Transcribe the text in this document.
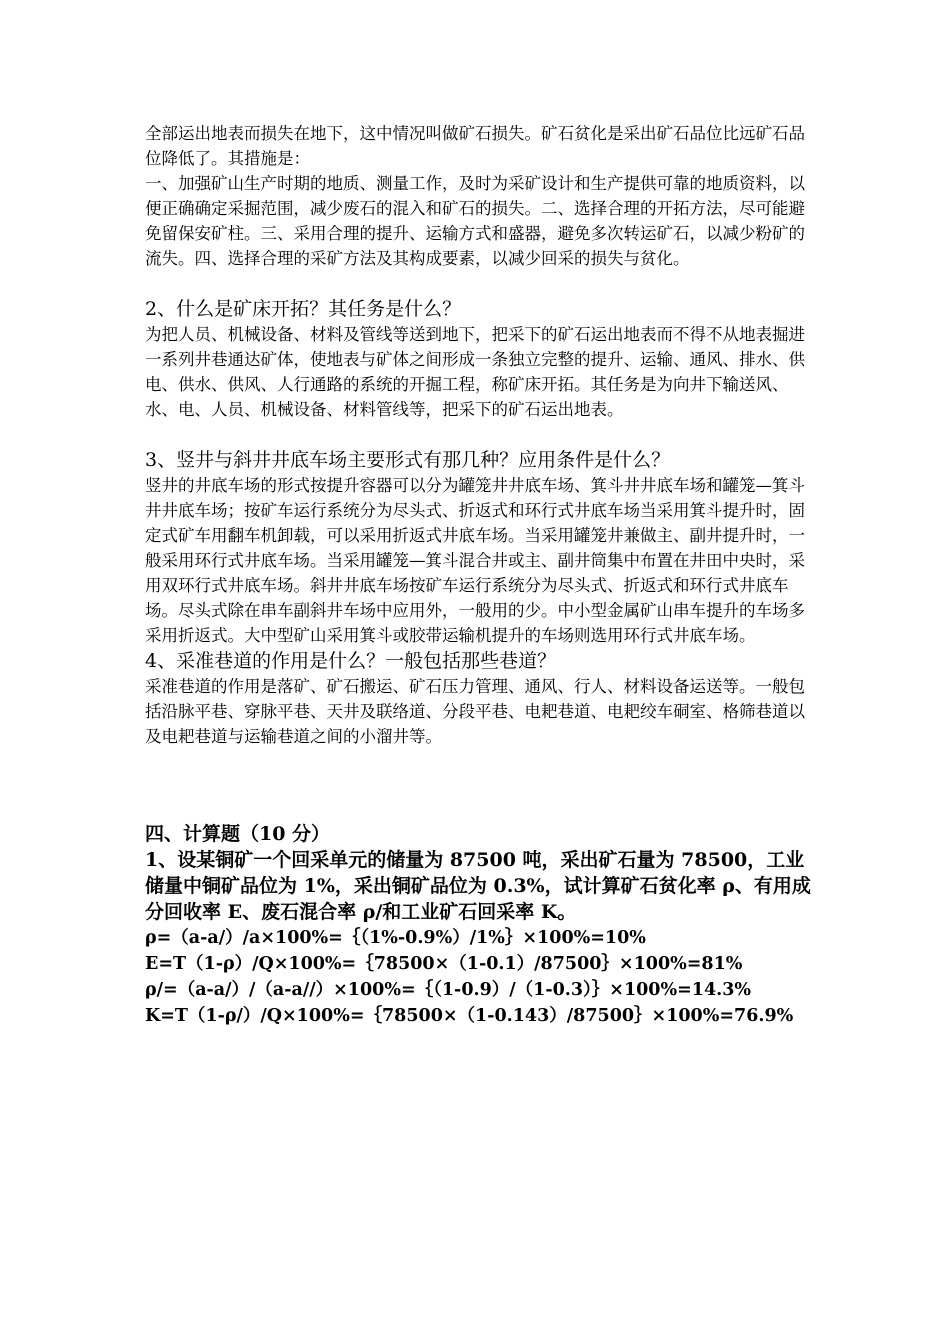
全部运出地表而损失在地下，这中情况叫做矿石损失。矿石贫化是采出矿石品位比远矿石品位降低了。其措施是：

一、加强矿山生产时期的地质、测量工作，及时为采矿设计和生产提供可靠的地质资料，以便正确确定采掘范围，减少废石的混入和矿石的损失。二、选择合理的开拓方法，尽可能避免留保安矿柱。三、采用合理的提升、运输方式和盛器，避免多次转运矿石，以减少粉矿的流失。四、选择合理的采矿方法及其构成要素，以减少回采的损失与贫化。

2、什么是矿床开拓？其任务是什么？

为把人员、机械设备、材料及管线等送到地下，把采下的矿石运出地表而不得不从地表掘进一系列井巷通达矿体，使地表与矿体之间形成一条独立完整的提升、运输、通风、排水、供电、供水、供风、人行通路的系统的开掘工程，称矿床开拓。其任务是为向井下输送风、水、电、人员、机械设备、材料管线等，把采下的矿石运出地表。

3、竖井与斜井井底车场主要形式有那几种？应用条件是什么？

竖井的井底车场的形式按提升容器可以分为罐笼井井底车场、箕斗井井底车场和罐笼—箕斗井井底车场；按矿车运行系统分为尽头式、折返式和环行式井底车场当采用箕斗提升时，固定式矿车用翻车机卸载，可以采用折返式井底车场。当采用罐笼井兼做主、副井提升时，一般采用环行式井底车场。当采用罐笼—箕斗混合井或主、副井筒集中布置在井田中央时，采用双环行式井底车场。斜井井底车场按矿车运行系统分为尽头式、折返式和环行式井底车场。尽头式除在串车副斜井车场中应用外，一般用的少。中小型金属矿山串车提升的车场多采用折返式。大中型矿山采用箕斗或胶带运输机提升的车场则选用环行式井底车场。

4、采准巷道的作用是什么？一般包括那些巷道？

采准巷道的作用是落矿、矿石搬运、矿石压力管理、通风、行人、材料设备运送等。一般包括沿脉平巷、穿脉平巷、天井及联络道、分段平巷、电耙巷道、电耙绞车硐室、格筛巷道以及电耙巷道与运输巷道之间的小溜井等。

四、计算题（10 分）

1、设某铜矿一个回采单元的储量为 87500 吨，采出矿石量为 78500，工业储量中铜矿品位为 1%，采出铜矿品位为 0.3%，试计算矿石贫化率 ρ、有用成分回收率 E、废石混合率 ρ/和工业矿石回采率 K。

ρ=（a-a/）/a×100%=｛（1%-0.9%）/1%｝×100%=10%

E=T（1-ρ）/Q×100%=｛78500×（1-0.1）/87500｝×100%=81%

ρ/=（a-a/）/（a-a//）×100%=｛（1-0.9）/（1-0.3）｝×100%=14.3%

K=T（1-ρ/）/Q×100%=｛78500×（1-0.143）/87500｝×100%=76.9%
